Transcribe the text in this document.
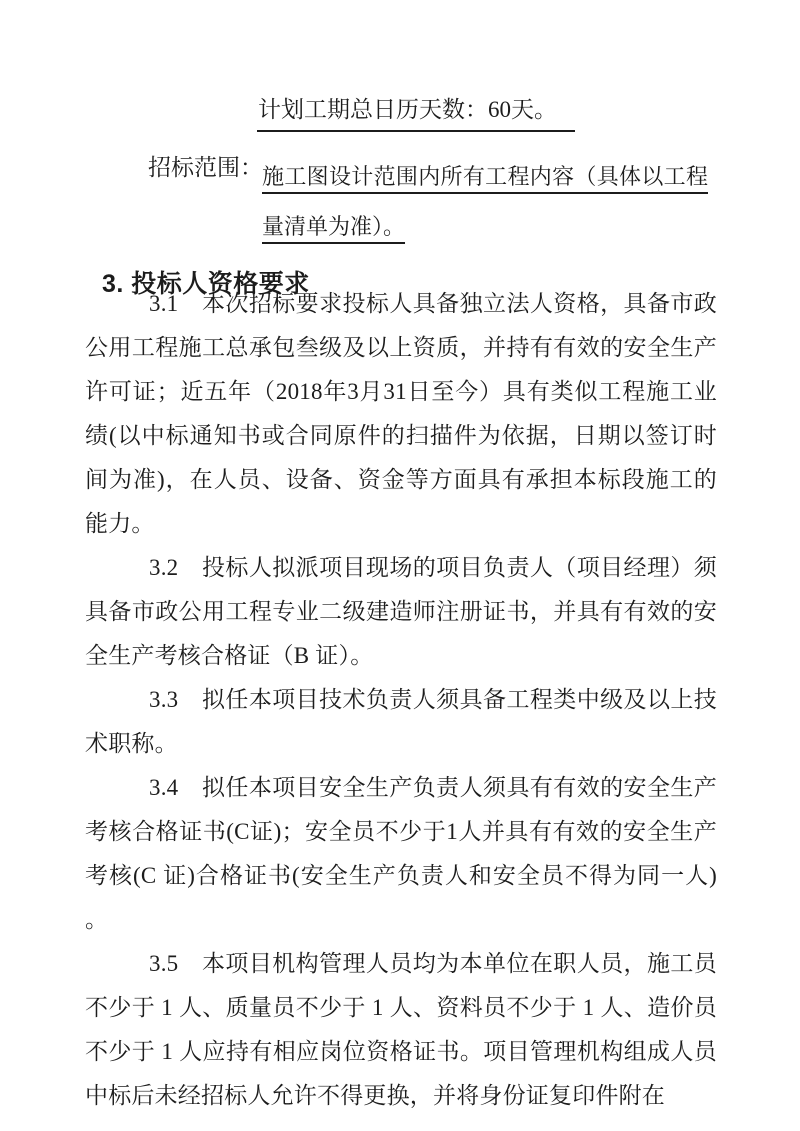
计划工期总日历天数：60天。
招标范围： 施工图设计范围内所有工程内容（具体以工程量清单为准）。
3. 投标人资格要求

3.1　本次招标要求投标人具备独立法人资格，具备市政公用工程施工总承包叁级及以上资质，并持有有效的安全生产许可证；近五年（2018年3月31日至今）具有类似工程施工业绩(以中标通知书或合同原件的扫描件为依据，日期以签订时间为准)，在人员、设备、资金等方面具有承担本标段施工的能力。

3.2　投标人拟派项目现场的项目负责人（项目经理）须具备市政公用工程专业二级建造师注册证书，并具有有效的安全生产考核合格证（B 证）。

3.3　拟任本项目技术负责人须具备工程类中级及以上技术职称。

3.4　拟任本项目安全生产负责人须具有有效的安全生产考核合格证书(C证)；安全员不少于1人并具有有效的安全生产考核(C 证)合格证书(安全生产负责人和安全员不得为同一人) 。

3.5　本项目机构管理人员均为本单位在职人员，施工员不少于 1 人、质量员不少于 1 人、资料员不少于 1 人、造价员不少于 1 人应持有相应岗位资格证书。项目管理机构组成人员中标后未经招标人允许不得更换，并将身份证复印件附在
